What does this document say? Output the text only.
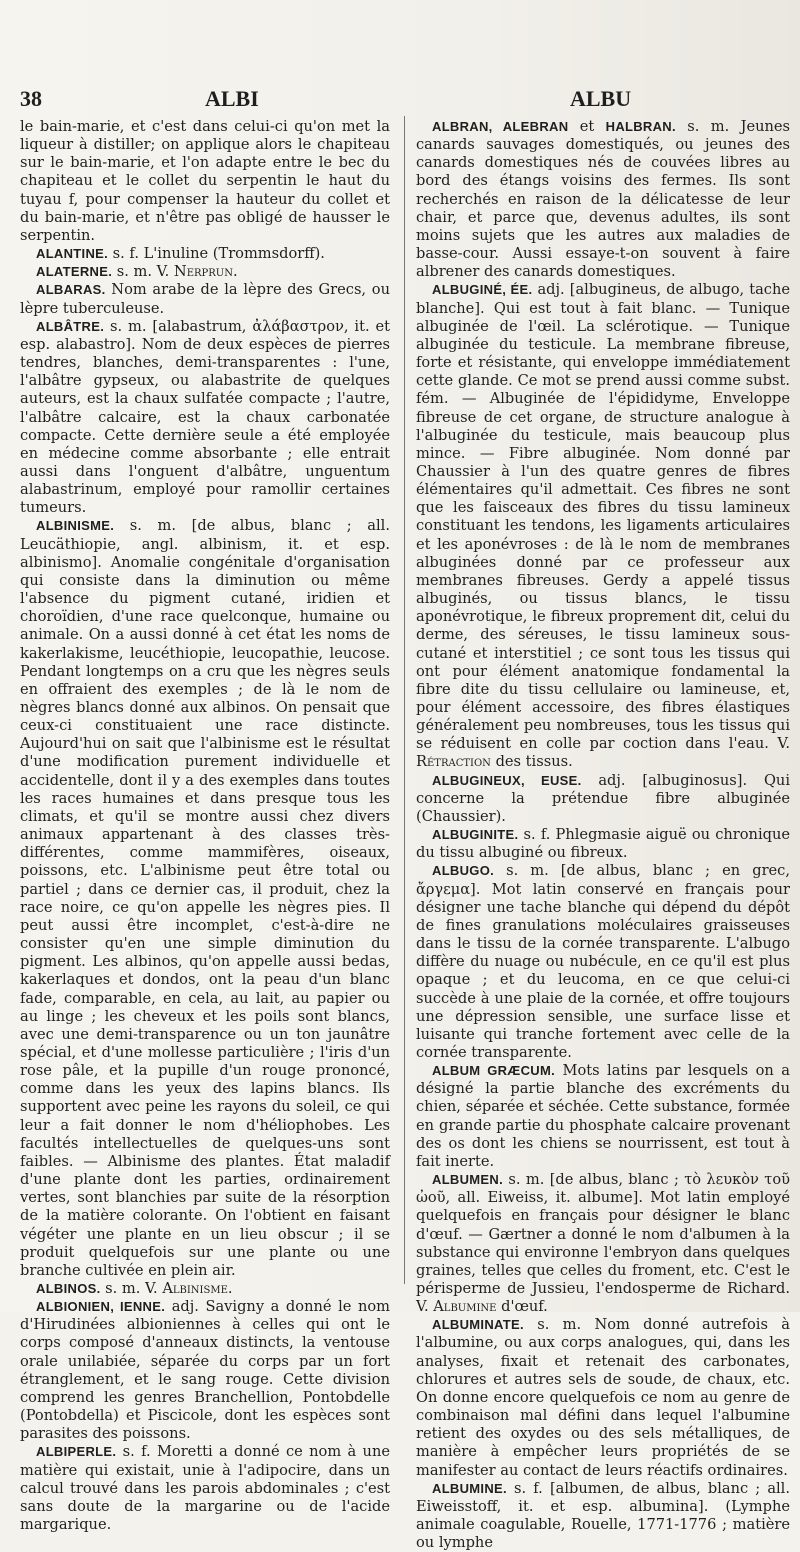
38	ALBI	ALBU

le bain-marie, et c'est dans celui-ci qu'on met la liqueur à distiller; on applique alors le chapiteau sur le bain-marie, et l'on adapte entre le bec du chapiteau et le collet du serpentin le haut du tuyau f, pour compenser la hauteur du collet et du bain-marie, et n'être pas obligé de hausser le serpentin.

ALANTINE. s. f. L'inuline (Trommsdorff).

ALATERNE. s. m. V. Nerprun.

ALBARAS. Nom arabe de la lèpre des Grecs, ou lèpre tuberculeuse.

ALBÂTRE. s. m. [alabastrum, ἀλάβαστρον, it. et esp. alabastro]. Nom de deux espèces de pierres tendres, blanches, demi-transparentes : l'une, l'albâtre gypseux, ou alabastrite de quelques auteurs, est la chaux sulfatée compacte ; l'autre, l'albâtre calcaire, est la chaux carbonatée compacte. Cette dernière seule a été employée en médecine comme absorbante ; elle entrait aussi dans l'onguent d'albâtre, unguentum alabastrinum, employé pour ramollir certaines tumeurs.

ALBINISME. s. m. [de albus, blanc ; all. Leucäthiopie, angl. albinism, it. et esp. albinismo]. Anomalie congénitale d'organisation qui consiste dans la diminution ou même l'absence du pigment cutané, iridien et choroïdien, d'une race quelconque, humaine ou animale. On a aussi donné à cet état les noms de kakerlakisme, leucéthiopie, leucopathie, leucose. Pendant longtemps on a cru que les nègres seuls en offraient des exemples ; de là le nom de nègres blancs donné aux albinos. On pensait que ceux-ci constituaient une race distincte. Aujourd'hui on sait que l'albinisme est le résultat d'une modification purement individuelle et accidentelle, dont il y a des exemples dans toutes les races humaines et dans presque tous les climats, et qu'il se montre aussi chez divers animaux appartenant à des classes très-différentes, comme mammifères, oiseaux, poissons, etc. L'albinisme peut être total ou partiel ; dans ce dernier cas, il produit, chez la race noire, ce qu'on appelle les nègres pies. Il peut aussi être incomplet, c'est-à-dire ne consister qu'en une simple diminution du pigment. Les albinos, qu'on appelle aussi bedas, kakerlaques et dondos, ont la peau d'un blanc fade, comparable, en cela, au lait, au papier ou au linge ; les cheveux et les poils sont blancs, avec une demi-transparence ou un ton jaunâtre spécial, et d'une mollesse particulière ; l'iris d'un rose pâle, et la pupille d'un rouge prononcé, comme dans les yeux des lapins blancs. Ils supportent avec peine les rayons du soleil, ce qui leur a fait donner le nom d'héliophobes. Les facultés intellectuelles de quelques-uns sont faibles. — Albinisme des plantes. État maladif d'une plante dont les parties, ordinairement vertes, sont blanchies par suite de la résorption de la matière colorante. On l'obtient en faisant végéter une plante en un lieu obscur ; il se produit quelquefois sur une plante ou une branche cultivée en plein air.

ALBINOS. s. m. V. Albinisme.

ALBIONIEN, IENNE. adj. Savigny a donné le nom d'Hirudinées albioniennes à celles qui ont le corps composé d'anneaux distincts, la ventouse orale unilabiée, séparée du corps par un fort étranglement, et le sang rouge. Cette division comprend les genres Branchellion, Pontobdelle (Pontobdella) et Piscicole, dont les espèces sont parasites des poissons.

ALBIPERLE. s. f. Moretti a donné ce nom à une matière qui existait, unie à l'adipocire, dans un calcul trouvé dans les parois abdominales ; c'est sans doute de la margarine ou de l'acide margarique.

ALBRAN, ALEBRAN et HALBRAN. s. m. Jeunes canards sauvages domestiqués, ou jeunes des canards domestiques nés de couvées libres au bord des étangs voisins des fermes. Ils sont recherchés en raison de la délicatesse de leur chair, et parce que, devenus adultes, ils sont moins sujets que les autres aux maladies de basse-cour. Aussi essaye-t-on souvent à faire albrener des canards domestiques.

ALBUGINÉ, ÉE. adj. [albugineus, de albugo, tache blanche]. Qui est tout à fait blanc. — Tunique albuginée de l'œil. La sclérotique. — Tunique albuginée du testicule. La membrane fibreuse, forte et résistante, qui enveloppe immédiatement cette glande. Ce mot se prend aussi comme subst. fém. — Albuginée de l'épididyme, Enveloppe fibreuse de cet organe, de structure analogue à l'albuginée du testicule, mais beaucoup plus mince. — Fibre albuginée. Nom donné par Chaussier à l'un des quatre genres de fibres élémentaires qu'il admettait. Ces fibres ne sont que les faisceaux des fibres du tissu lamineux constituant les tendons, les ligaments articulaires et les aponévroses : de là le nom de membranes albuginées donné par ce professeur aux membranes fibreuses. Gerdy a appelé tissus albuginés, ou tissus blancs, le tissu aponévrotique, le fibreux proprement dit, celui du derme, des séreuses, le tissu lamineux sous-cutané et interstitiel ; ce sont tous les tissus qui ont pour élément anatomique fondamental la fibre dite du tissu cellulaire ou lamineuse, et, pour élément accessoire, des fibres élastiques généralement peu nombreuses, tous les tissus qui se réduisent en colle par coction dans l'eau. V. Rétraction des tissus.

ALBUGINEUX, EUSE. adj. [albuginosus]. Qui concerne la prétendue fibre albuginée (Chaussier).

ALBUGINITE. s. f. Phlegmasie aiguë ou chronique du tissu albuginé ou fibreux.

ALBUGO. s. m. [de albus, blanc ; en grec, ἄργεμα]. Mot latin conservé en français pour désigner une tache blanche qui dépend du dépôt de fines granulations moléculaires graisseuses dans le tissu de la cornée transparente. L'albugo diffère du nuage ou nubécule, en ce qu'il est plus opaque ; et du leucoma, en ce que celui-ci succède à une plaie de la cornée, et offre toujours une dépression sensible, une surface lisse et luisante qui tranche fortement avec celle de la cornée transparente.

ALBUM GRÆCUM. Mots latins par lesquels on a désigné la partie blanche des excréments du chien, séparée et séchée. Cette substance, formée en grande partie du phosphate calcaire provenant des os dont les chiens se nourrissent, est tout à fait inerte.

ALBUMEN. s. m. [de albus, blanc ; τὸ λευκὸν τοῦ ὠοῦ, all. Eiweiss, it. albume]. Mot latin employé quelquefois en français pour désigner le blanc d'œuf. — Gærtner a donné le nom d'albumen à la substance qui environne l'embryon dans quelques graines, telles que celles du froment, etc. C'est le périsperme de Jussieu, l'endosperme de Richard. V. Albumine d'œuf.

ALBUMINATE. s. m. Nom donné autrefois à l'albumine, ou aux corps analogues, qui, dans les analyses, fixait et retenait des carbonates, chlorures et autres sels de soude, de chaux, etc. On donne encore quelquefois ce nom au genre de combinaison mal défini dans lequel l'albumine retient des oxydes ou des sels métalliques, de manière à empêcher leurs propriétés de se manifester au contact de leurs réactifs ordinaires.

ALBUMINE. s. f. [albumen, de albus, blanc ; all. Eiweisstoff, it. et esp. albumina]. (Lymphe animale coagulable, Rouelle, 1771-1776 ; matière ou lymphe
